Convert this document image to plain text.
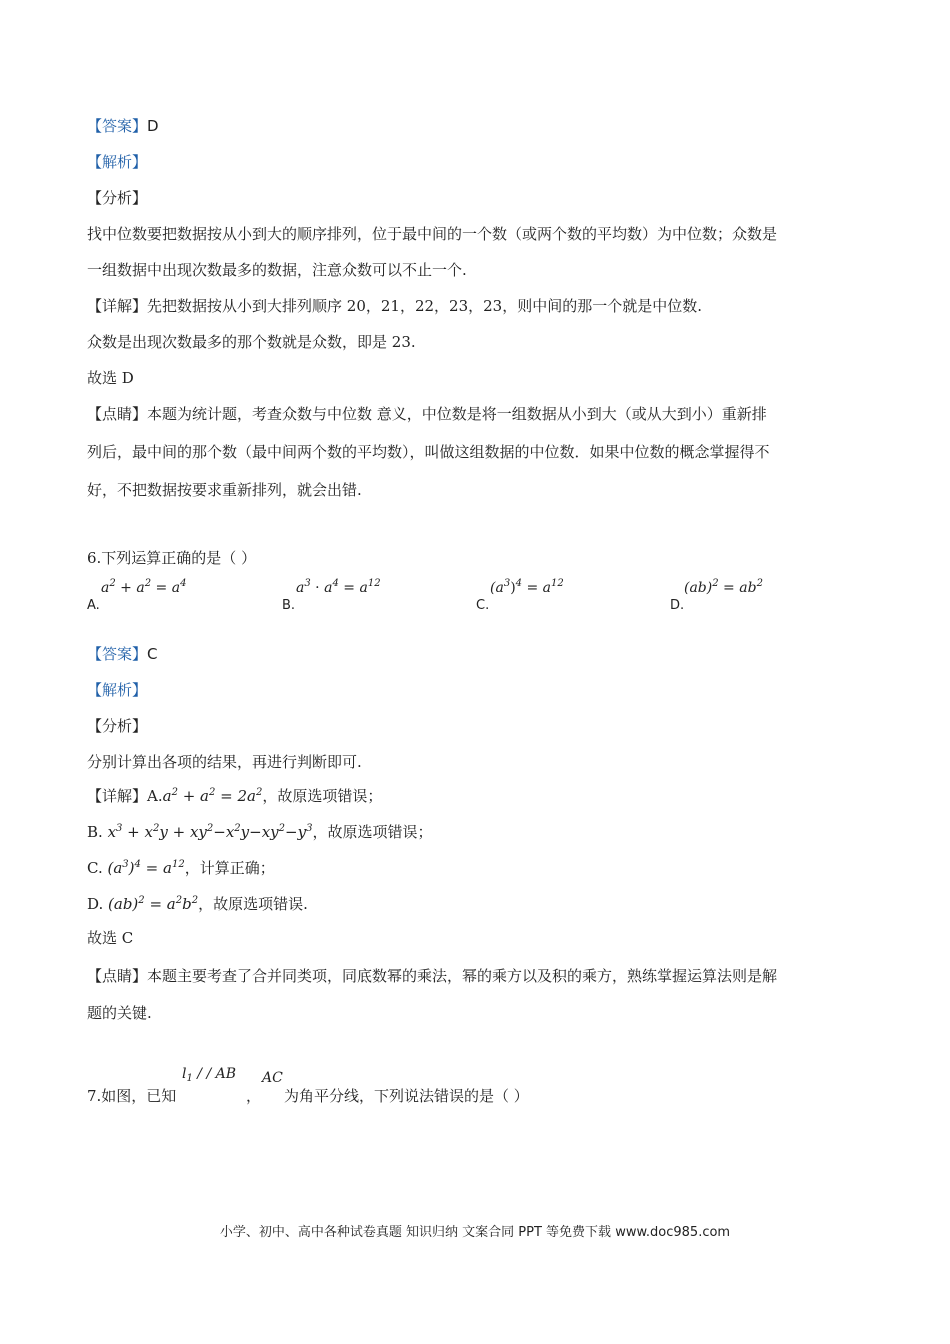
【答案】D
【解析】
【分析】
找中位数要把数据按从小到大的顺序排列，位于最中间的一个数（或两个数的平均数）为中位数；众数是
一组数据中出现次数最多的数据，注意众数可以不止一个.
【详解】先把数据按从小到大排列顺序 20，21，22，23，23，则中间的那一个就是中位数.
众数是出现次数最多的那个数就是众数，即是 23.
故选 D
【点睛】本题为统计题，考查众数与中位数 意义，中位数是将一组数据从小到大（或从大到小）重新排
列后，最中间的那个数（最中间两个数的平均数），叫做这组数据的中位数．如果中位数的概念掌握得不
好，不把数据按要求重新排列，就会出错.
6.下列运算正确的是（ ）
A.
$a^2 + a^2 = a^4$
B.
$a^3 \cdot a^4 = a^{12}$
C.
$(a^3)^4 = a^{12}$
D.
$(ab)^2 = ab^2$
【答案】C
【解析】
【分析】
分别计算出各项的结果，再进行判断即可.
【详解】$A.a^2 + a^2 = 2a^2$，故原选项错误；
B. $x^3 + x^2y + xy^2-x^2y-xy^2-y^3$，故原选项错误；
C. $(a^3)^4 = a^{12}$，计算正确；
D. $(ab)^2 = a^2b^2$，故原选项错误.
故选 C
【点睛】本题主要考查了合并同类项，同底数幂的乘法，幂的乘方以及积的乘方，熟练掌握运算法则是解
题的关键.
7.如图，已知
$l_1$ / / AB
，
AC
为角平分线，下列说法错误的是（ ）
小学、初中、高中各种试卷真题 知识归纳 文案合同 PPT 等免费下载 www.doc985.com
